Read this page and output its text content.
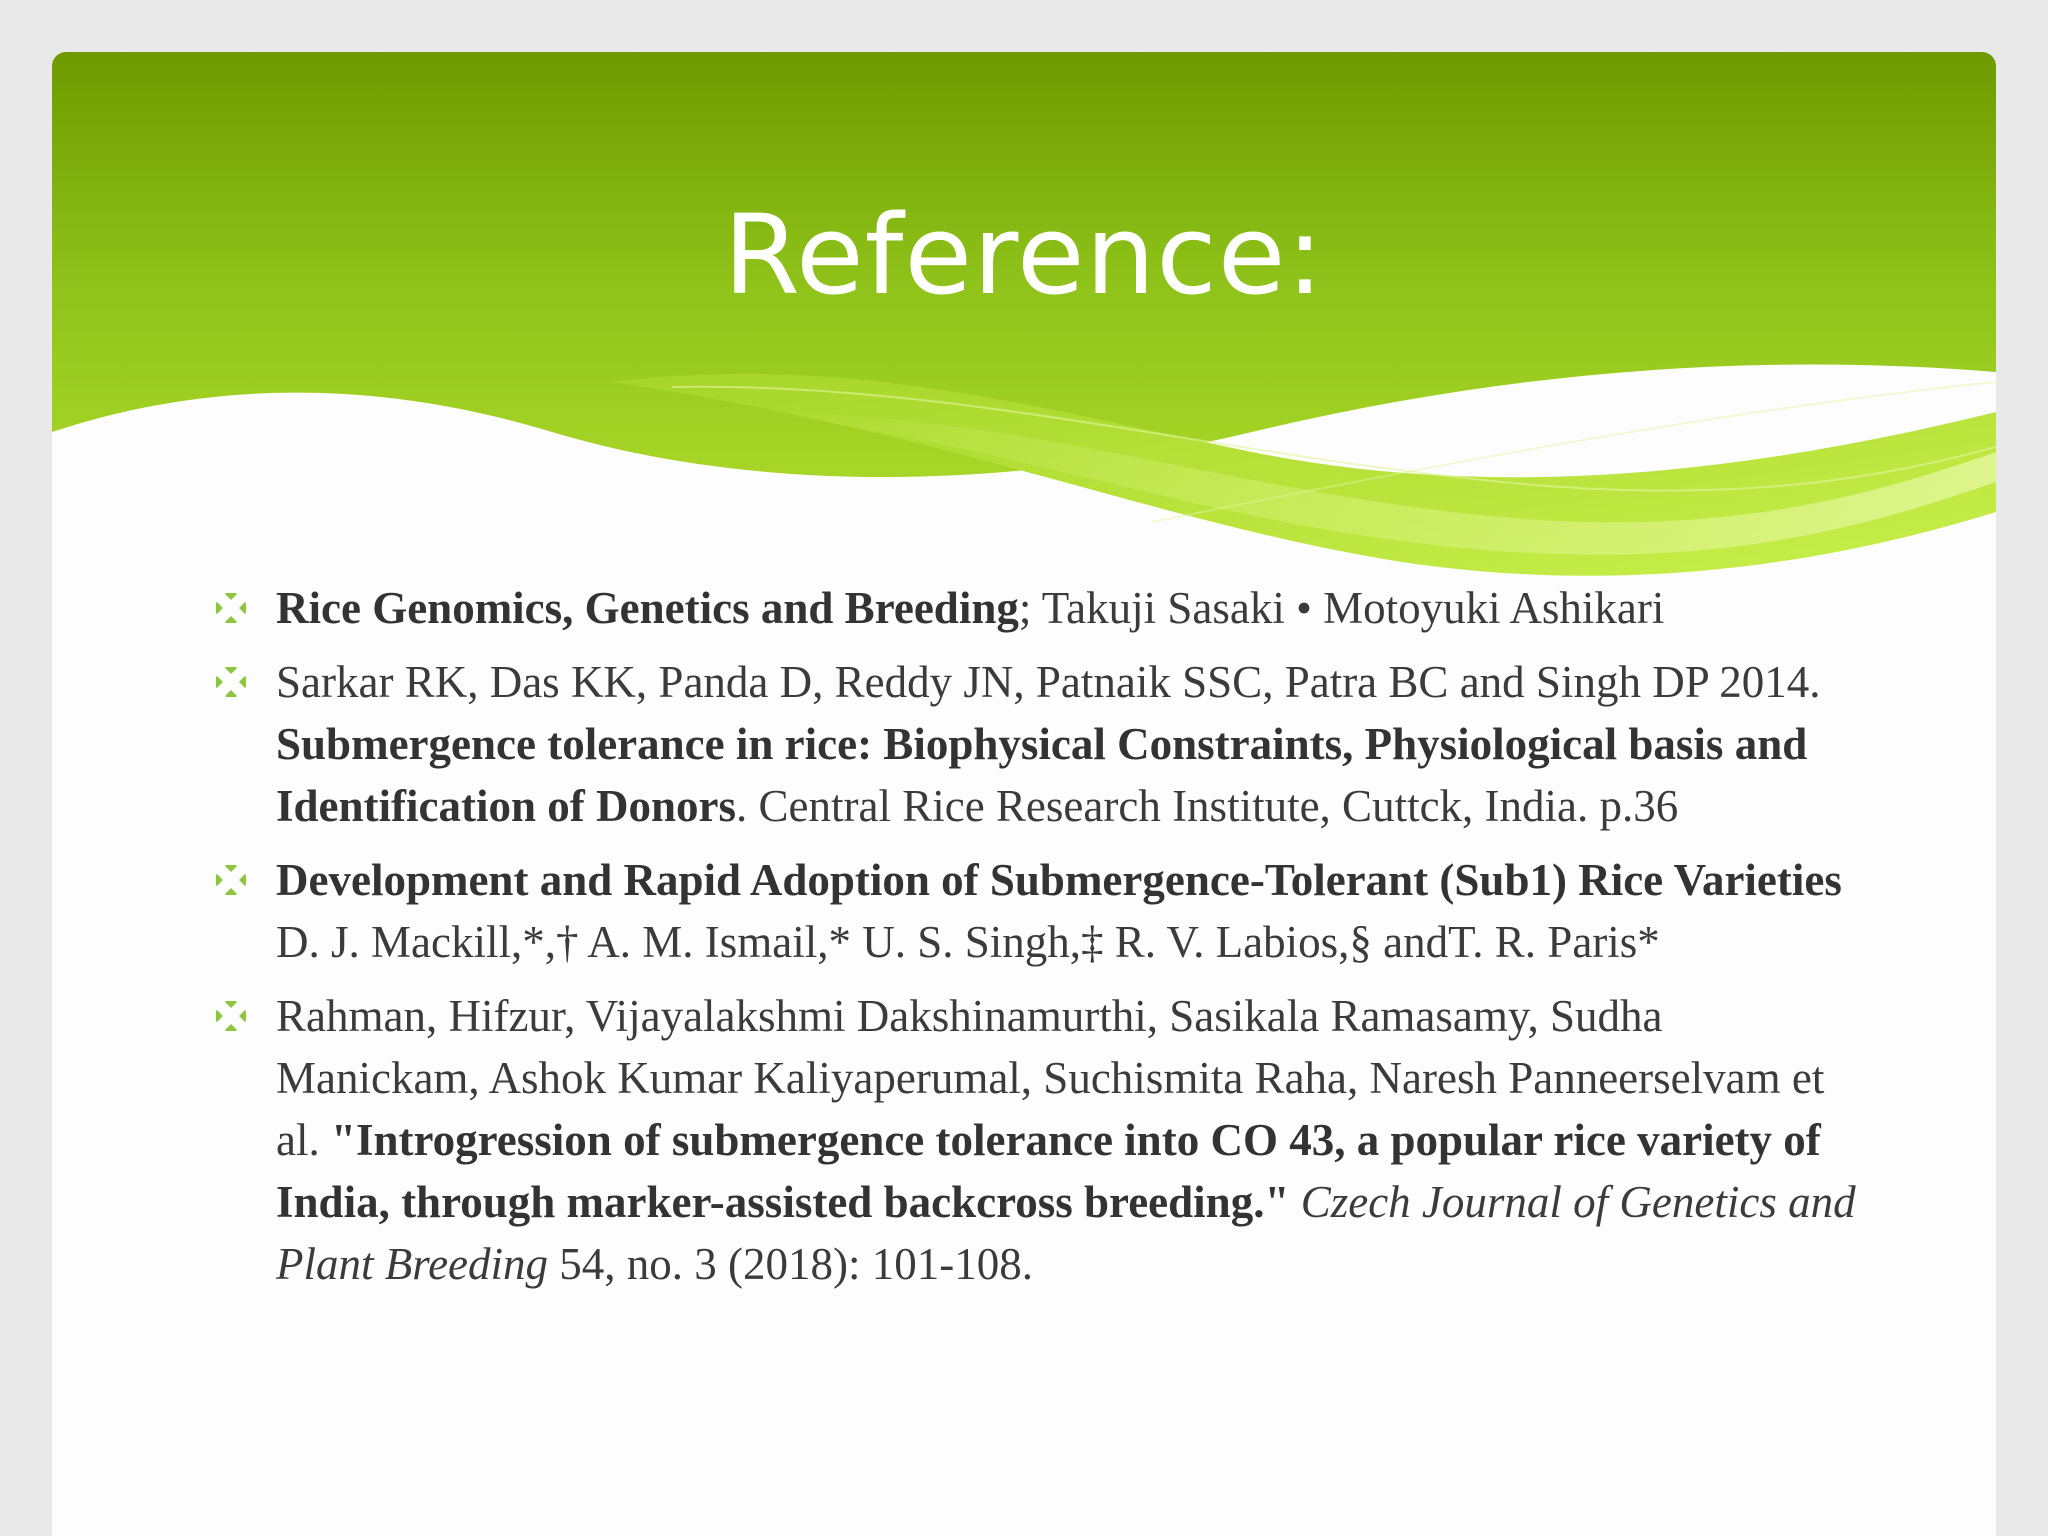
Reference:
Rice Genomics, Genetics and Breeding; Takuji Sasaki • Motoyuki Ashikari
Sarkar RK, Das KK, Panda D, Reddy JN, Patnaik SSC, Patra BC and Singh DP 2014. Submergence tolerance in rice: Biophysical Constraints, Physiological basis and Identification of Donors. Central Rice Research Institute, Cuttck, India. p.36
Development and Rapid Adoption of Submergence-Tolerant (Sub1) Rice Varieties D. J. Mackill,*,† A. M. Ismail,* U. S. Singh,‡ R. V. Labios,§ andT. R. Paris*
Rahman, Hifzur, Vijayalakshmi Dakshinamurthi, Sasikala Ramasamy, Sudha Manickam, Ashok Kumar Kaliyaperumal, Suchismita Raha, Naresh Panneerselvam et al. "Introgression of submergence tolerance into CO 43, a popular rice variety of India, through marker-assisted backcross breeding." Czech Journal of Genetics and Plant Breeding 54, no. 3 (2018): 101-108.
